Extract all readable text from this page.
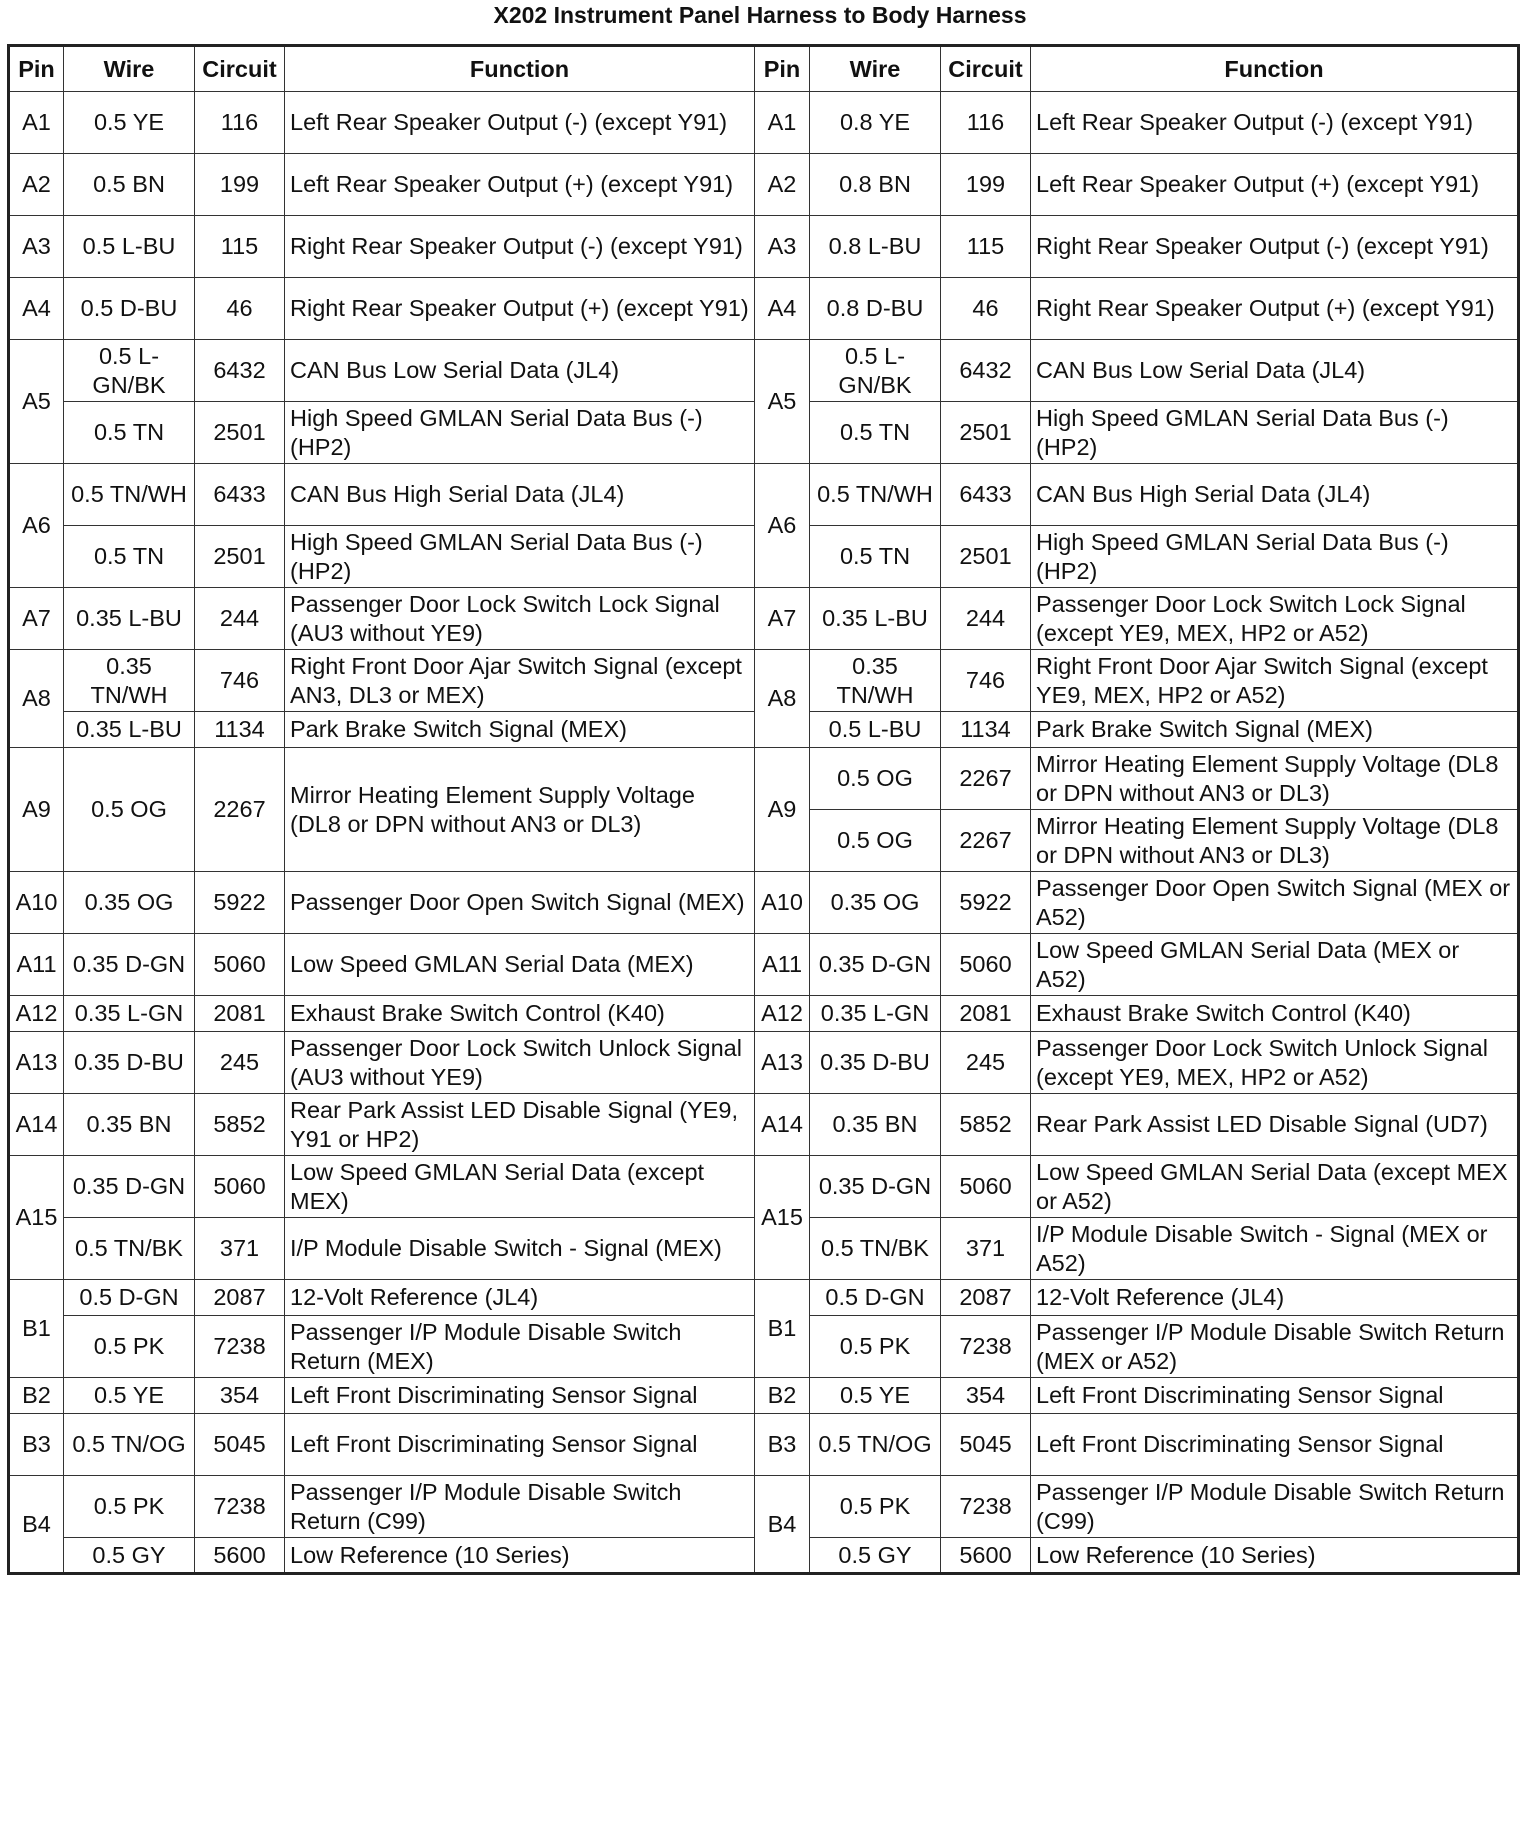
X202 Instrument Panel Harness to Body Harness
Pin	Wire	Circuit	Function	Pin	Wire	Circuit	Function
A1	0.5 YE	116	Left Rear Speaker Output (-) (except Y91)	A1	0.8 YE	116	Left Rear Speaker Output (-) (except Y91)
A2	0.5 BN	199	Left Rear Speaker Output (+) (except Y91)	A2	0.8 BN	199	Left Rear Speaker Output (+) (except Y91)
A3	0.5 L-BU	115	Right Rear Speaker Output (-) (except Y91)	A3	0.8 L-BU	115	Right Rear Speaker Output (-) (except Y91)
A4	0.5 D-BU	46	Right Rear Speaker Output (+) (except Y91)	A4	0.8 D-BU	46	Right Rear Speaker Output (+) (except Y91)
A5	0.5 L-GN/BK	6432	CAN Bus Low Serial Data (JL4)	A5	0.5 L-GN/BK	6432	CAN Bus Low Serial Data (JL4)
	0.5 TN	2501	High Speed GMLAN Serial Data Bus (-) (HP2)		0.5 TN	2501	High Speed GMLAN Serial Data Bus (-) (HP2)
A6	0.5 TN/WH	6433	CAN Bus High Serial Data (JL4)	A6	0.5 TN/WH	6433	CAN Bus High Serial Data (JL4)
	0.5 TN	2501	High Speed GMLAN Serial Data Bus (-) (HP2)		0.5 TN	2501	High Speed GMLAN Serial Data Bus (-) (HP2)
A7	0.35 L-BU	244	Passenger Door Lock Switch Lock Signal (AU3 without YE9)	A7	0.35 L-BU	244	Passenger Door Lock Switch Lock Signal (except YE9, MEX, HP2 or A52)
A8	0.35 TN/WH	746	Right Front Door Ajar Switch Signal (except AN3, DL3 or MEX)	A8	0.35 TN/WH	746	Right Front Door Ajar Switch Signal (except YE9, MEX, HP2 or A52)
	0.35 L-BU	1134	Park Brake Switch Signal (MEX)		0.5 L-BU	1134	Park Brake Switch Signal (MEX)
A9	0.5 OG	2267	Mirror Heating Element Supply Voltage (DL8 or DPN without AN3 or DL3)	A9	0.5 OG	2267	Mirror Heating Element Supply Voltage (DL8 or DPN without AN3 or DL3)
					0.5 OG	2267	Mirror Heating Element Supply Voltage (DL8 or DPN without AN3 or DL3)
A10	0.35 OG	5922	Passenger Door Open Switch Signal (MEX)	A10	0.35 OG	5922	Passenger Door Open Switch Signal (MEX or A52)
A11	0.35 D-GN	5060	Low Speed GMLAN Serial Data (MEX)	A11	0.35 D-GN	5060	Low Speed GMLAN Serial Data (MEX or A52)
A12	0.35 L-GN	2081	Exhaust Brake Switch Control (K40)	A12	0.35 L-GN	2081	Exhaust Brake Switch Control (K40)
A13	0.35 D-BU	245	Passenger Door Lock Switch Unlock Signal (AU3 without YE9)	A13	0.35 D-BU	245	Passenger Door Lock Switch Unlock Signal (except YE9, MEX, HP2 or A52)
A14	0.35 BN	5852	Rear Park Assist LED Disable Signal (YE9, Y91 or HP2)	A14	0.35 BN	5852	Rear Park Assist LED Disable Signal (UD7)
A15	0.35 D-GN	5060	Low Speed GMLAN Serial Data (except MEX)	A15	0.35 D-GN	5060	Low Speed GMLAN Serial Data (except MEX or A52)
	0.5 TN/BK	371	I/P Module Disable Switch - Signal (MEX)		0.5 TN/BK	371	I/P Module Disable Switch - Signal (MEX or A52)
B1	0.5 D-GN	2087	12-Volt Reference (JL4)	B1	0.5 D-GN	2087	12-Volt Reference (JL4)
	0.5 PK	7238	Passenger I/P Module Disable Switch Return (MEX)		0.5 PK	7238	Passenger I/P Module Disable Switch Return (MEX or A52)
B2	0.5 YE	354	Left Front Discriminating Sensor Signal	B2	0.5 YE	354	Left Front Discriminating Sensor Signal
B3	0.5 TN/OG	5045	Left Front Discriminating Sensor Signal	B3	0.5 TN/OG	5045	Left Front Discriminating Sensor Signal
B4	0.5 PK	7238	Passenger I/P Module Disable Switch Return (C99)	B4	0.5 PK	7238	Passenger I/P Module Disable Switch Return (C99)
	0.5 GY	5600	Low Reference (10 Series)		0.5 GY	5600	Low Reference (10 Series)
